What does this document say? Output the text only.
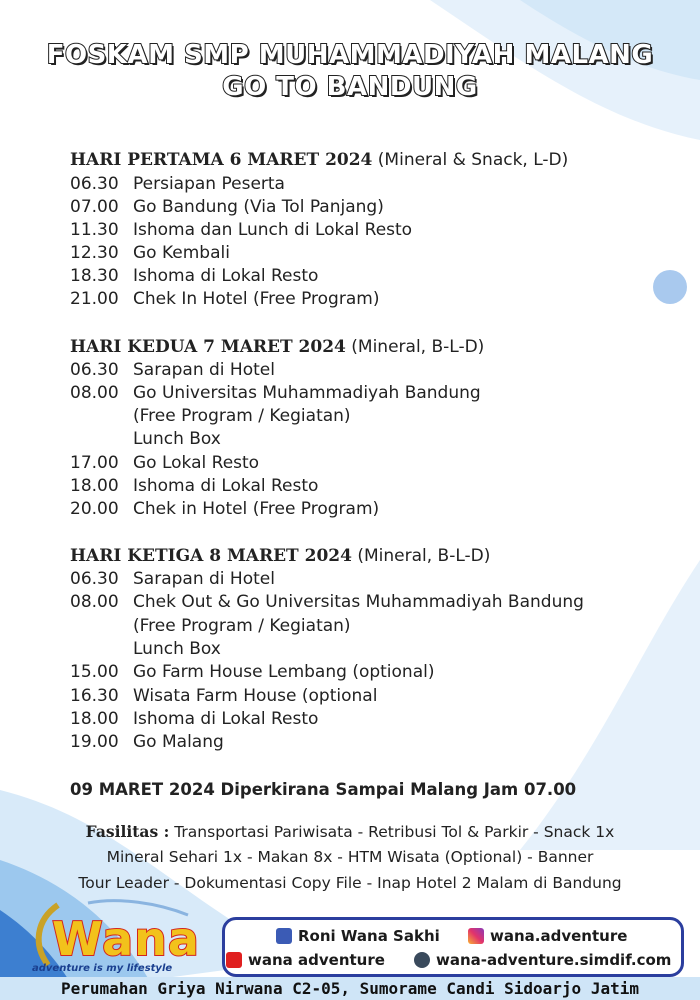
FOSKAM SMP MUHAMMADIYAH MALANG
GO TO BANDUNG
HARI PERTAMA 6 MARET 2024 (Mineral & Snack, L-D)
06.30 Persiapan Peserta
07.00 Go Bandung (Via Tol Panjang)
11.30 Ishoma dan Lunch di Lokal Resto
12.30 Go Kembali
18.30 Ishoma di Lokal Resto
21.00 Chek In Hotel (Free Program)
HARI KEDUA 7 MARET 2024 (Mineral, B-L-D)
06.30 Sarapan di Hotel
08.00 Go Universitas Muhammadiyah Bandung
(Free Program / Kegiatan)
Lunch Box
17.00 Go Lokal Resto
18.00 Ishoma di Lokal Resto
20.00 Chek in Hotel (Free Program)
HARI KETIGA 8 MARET 2024 (Mineral, B-L-D)
06.30 Sarapan di Hotel
08.00 Chek Out & Go Universitas Muhammadiyah Bandung
(Free Program / Kegiatan)
Lunch Box
15.00 Go Farm House Lembang (optional)
16.30 Wisata Farm House (optional
18.00 Ishoma di Lokal Resto
19.00 Go Malang
09 MARET 2024 Diperkirana Sampai Malang Jam 07.00
Fasilitas : Transportasi Pariwisata - Retribusi Tol & Parkir - Snack 1x
Mineral Sehari 1x - Makan 8x - HTM Wisata (Optional) - Banner
Tour Leader - Dokumentasi Copy File - Inap Hotel 2 Malam di Bandung
Wana
adventure is my lifestyle
Roni Wana Sakhi	wana.adventure
wana adventure	wana-adventure.simdif.com
Perumahan Griya Nirwana C2-05, Sumorame Candi Sidoarjo Jatim
